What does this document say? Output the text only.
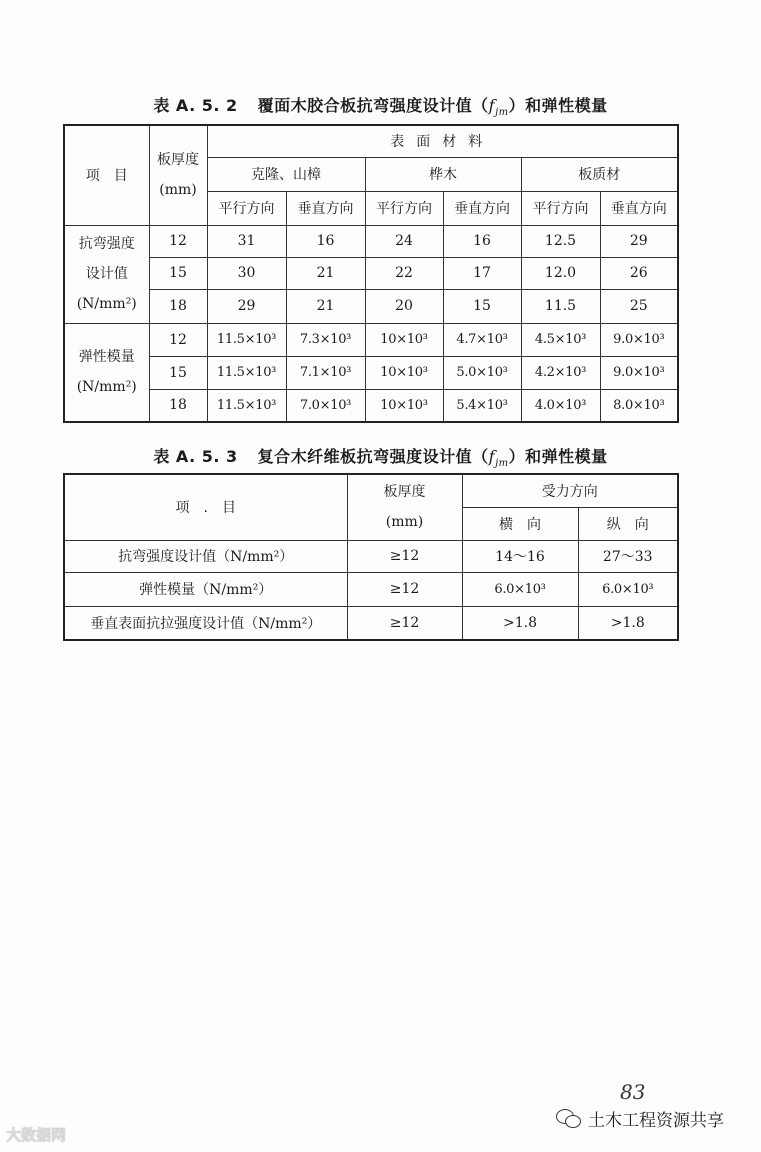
表 A. 5. 2 覆面木胶合板抗弯强度设计值$(f_{jm})$和弹性模量
项　目	板厚度
(mm)	表面材料					
		克隆、山樟		桦木		板质材	
		平行方向	垂直方向	平行方向	垂直方向	平行方向	垂直方向
抗弯强度
设计值
(N/mm²)	12	31	16	24	16	12.5	29
	15	30	21	22	17	12.0	26
	18	29	21	20	15	11.5	25
弹性模量
(N/mm²)	12	11.5×10³	7.3×10³	10×10³	4.7×10³	4.5×10³	9.0×10³
	15	11.5×10³	7.1×10³	10×10³	5.0×10³	4.2×10³	9.0×10³
	18	11.5×10³	7.0×10³	10×10³	5.4×10³	4.0×10³	8.0×10³
表 A. 5. 3 复合木纤维板抗弯强度设计值$(f_{jm})$和弹性模量
项　.　目	板厚度
(mm)	受力方向	
		横　向	纵　向
抗弯强度设计值（N/mm²）	≥12	14～16	27～33
弹性模量（N/mm²）	≥12	6.0×10³	6.0×10³
垂直表面抗拉强度设计值（N/mm²）	≥12	>1.8	>1.8
83
土木工程资源共享
大数据网
